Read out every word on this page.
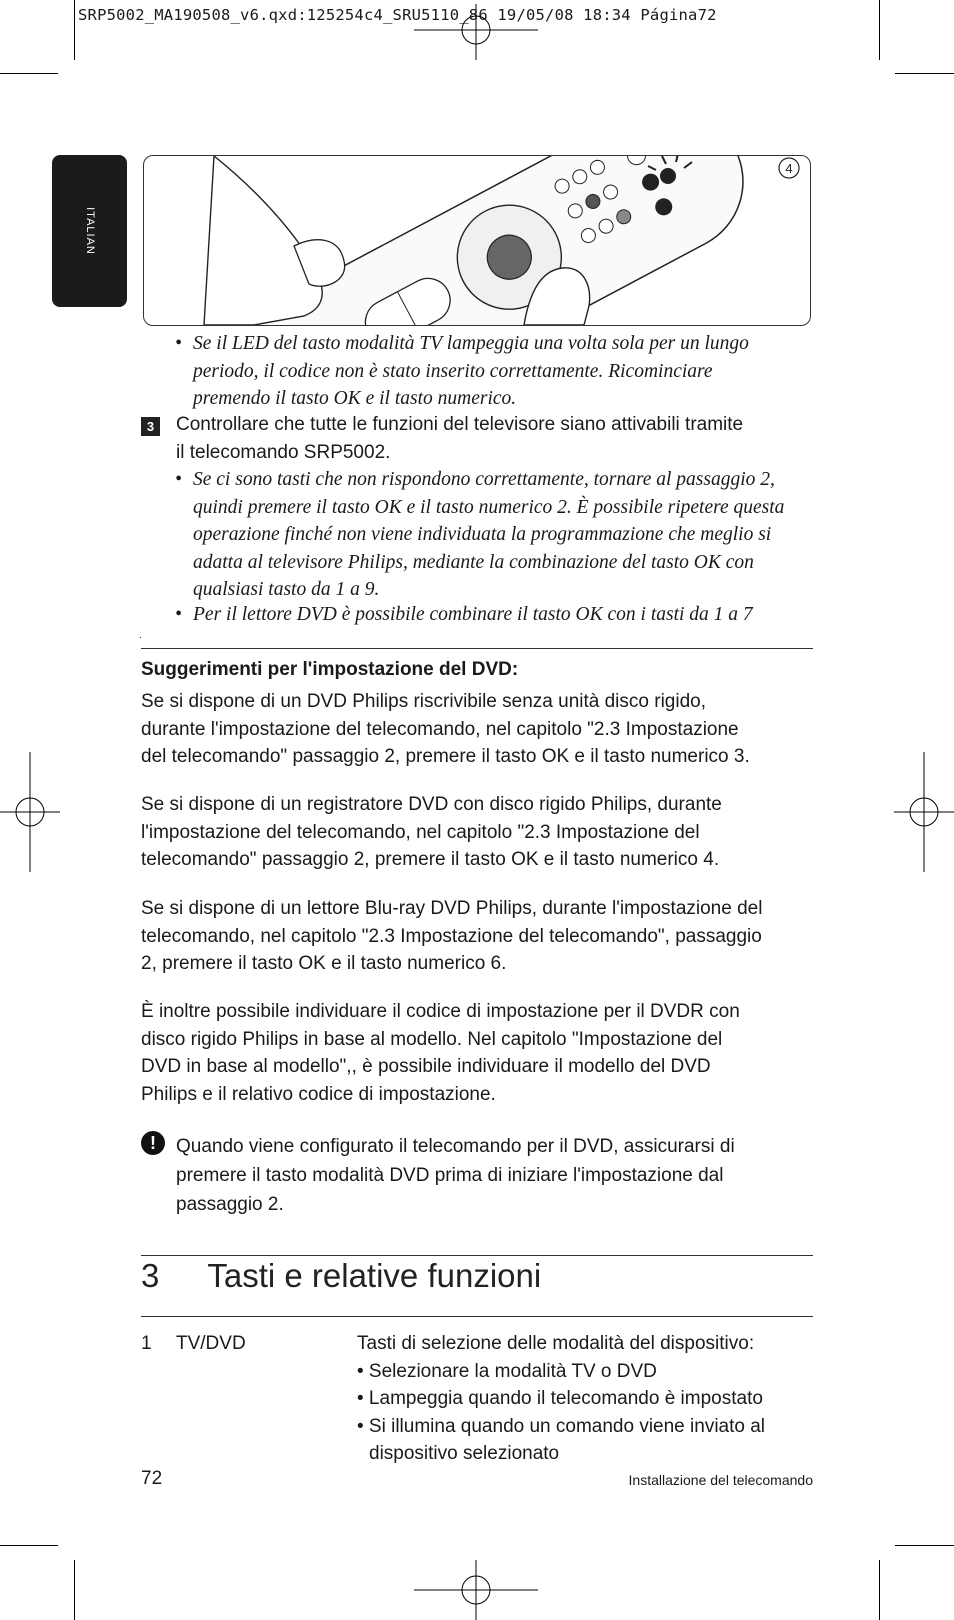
SRP5002_MA190508_v6.qxd:125254c4_SRU5110_86 19/05/08 18:34 Página72
ITALIAN
4
• Se il LED del tasto modalità TV lampeggia una volta sola per un lungo
periodo, il codice non è stato inserito correttamente. Ricominciare
premendo il tasto OK e il tasto numerico.
3	Controllare che tutte le funzioni del televisore siano attivabili tramite
il telecomando SRP5002.
• Se ci sono tasti che non rispondono correttamente, tornare al passaggio 2,
quindi premere il tasto OK e il tasto numerico 2. È possibile ripetere questa
operazione finché non viene individuata la programmazione che meglio si
adatta al televisore Philips, mediante la combinazione del tasto OK con
qualsiasi tasto da 1 a 9.
• Per il lettore DVD è possibile combinare il tasto OK con i tasti da 1 a 7
.
Suggerimenti per l'impostazione del DVD:
Se si dispone di un DVD Philips riscrivibile senza unità disco rigido,
durante l'impostazione del telecomando, nel capitolo "2.3 Impostazione
del telecomando" passaggio 2, premere il tasto OK e il tasto numerico 3.
Se si dispone di un registratore DVD con disco rigido Philips, durante
l'impostazione del telecomando, nel capitolo "2.3 Impostazione del
telecomando" passaggio 2, premere il tasto OK e il tasto numerico 4.
Se si dispone di un lettore Blu-ray DVD Philips, durante l'impostazione del
telecomando, nel capitolo "2.3 Impostazione del telecomando", passaggio
2, premere il tasto OK e il tasto numerico 6.
È inoltre possibile individuare il codice di impostazione per il DVDR con
disco rigido Philips in base al modello. Nel capitolo "Impostazione del
DVD in base al modello",, è possibile individuare il modello del DVD
Philips e il relativo codice di impostazione.
!	Quando viene configurato il telecomando per il DVD, assicurarsi di
premere il tasto modalità DVD prima di iniziare l'impostazione dal
passaggio 2.
3 Tasti e relative funzioni
1 TV/DVD	Tasti di selezione delle modalità del dispositivo:
• Selezionare la modalità TV o DVD
• Lampeggia quando il telecomando è impostato
• Si illumina quando un comando viene inviato al
dispositivo selezionato
72	Installazione del telecomando
